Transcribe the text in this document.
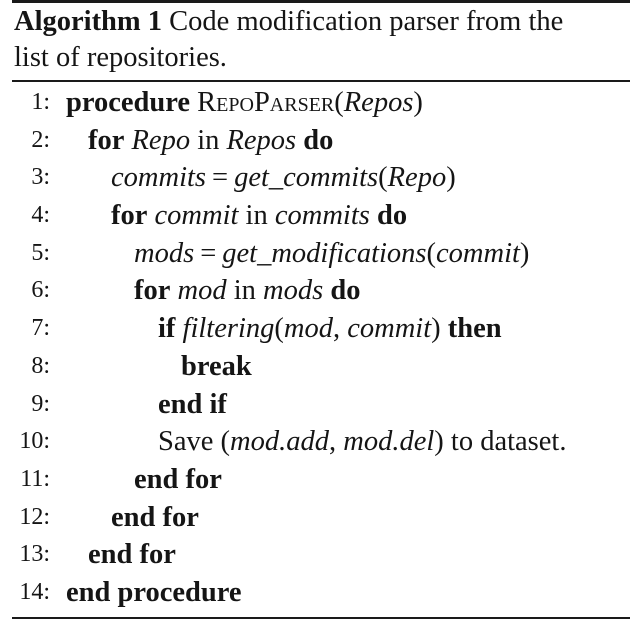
Algorithm 1 Code modification parser from the
list of repositories.
1: procedure RepoParser(Repos)
2:	for Repo in Repos do
3:	commits = get_commits(Repo)
4:	for commit in commits do
5:	mods = get_modifications(commit)
6:	for mod in mods do
7:	if filtering(mod, commit) then
8:	break
9:	end if
10:	Save (mod.add, mod.del) to dataset.
11:	end for
12:	end for
13:	end for
14: end procedure
